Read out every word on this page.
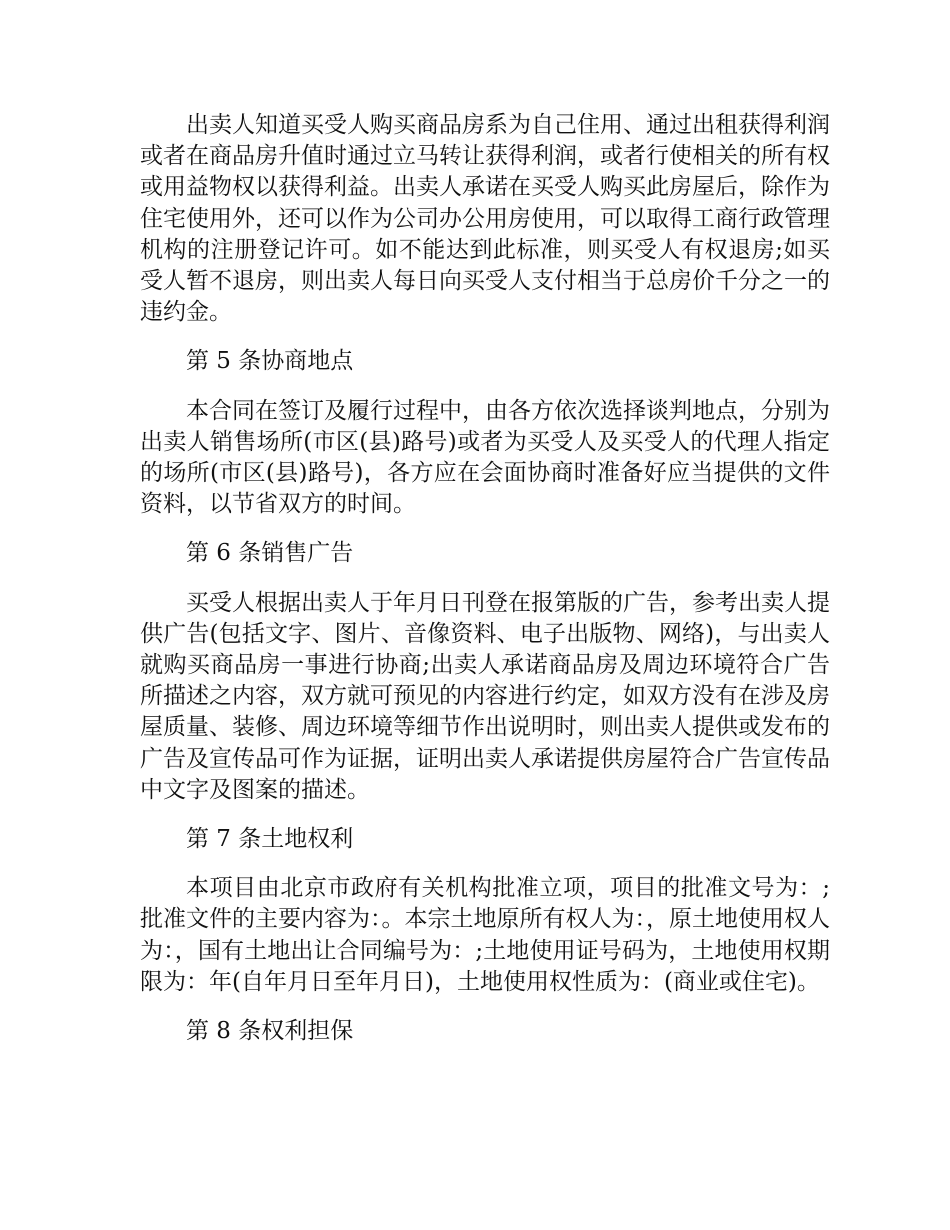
出卖人知道买受人购买商品房系为自己住用、通过出租获得利润或者在商品房升值时通过立马转让获得利润，或者行使相关的所有权或用益物权以获得利益。出卖人承诺在买受人购买此房屋后，除作为住宅使用外，还可以作为公司办公用房使用，可以取得工商行政管理机构的注册登记许可。如不能达到此标准，则买受人有权退房;如买受人暂不退房，则出卖人每日向买受人支付相当于总房价千分之一的违约金。

第 5 条协商地点

本合同在签订及履行过程中，由各方依次选择谈判地点，分别为出卖人销售场所(市区(县)路号)或者为买受人及买受人的代理人指定的场所(市区(县)路号)，各方应在会面协商时准备好应当提供的文件资料，以节省双方的时间。

第 6 条销售广告

买受人根据出卖人于年月日刊登在报第版的广告，参考出卖人提供广告(包括文字、图片、音像资料、电子出版物、网络)，与出卖人就购买商品房一事进行协商;出卖人承诺商品房及周边环境符合广告所描述之内容，双方就可预见的内容进行约定，如双方没有在涉及房屋质量、装修、周边环境等细节作出说明时，则出卖人提供或发布的广告及宣传品可作为证据，证明出卖人承诺提供房屋符合广告宣传品中文字及图案的描述。

第 7 条土地权利

本项目由北京市政府有关机构批准立项，项目的批准文号为：;批准文件的主要内容为：。本宗土地原所有权人为：，原土地使用权人为：，国有土地出让合同编号为：;土地使用证号码为，土地使用权期限为：年(自年月日至年月日)，土地使用权性质为：(商业或住宅)。

第 8 条权利担保
